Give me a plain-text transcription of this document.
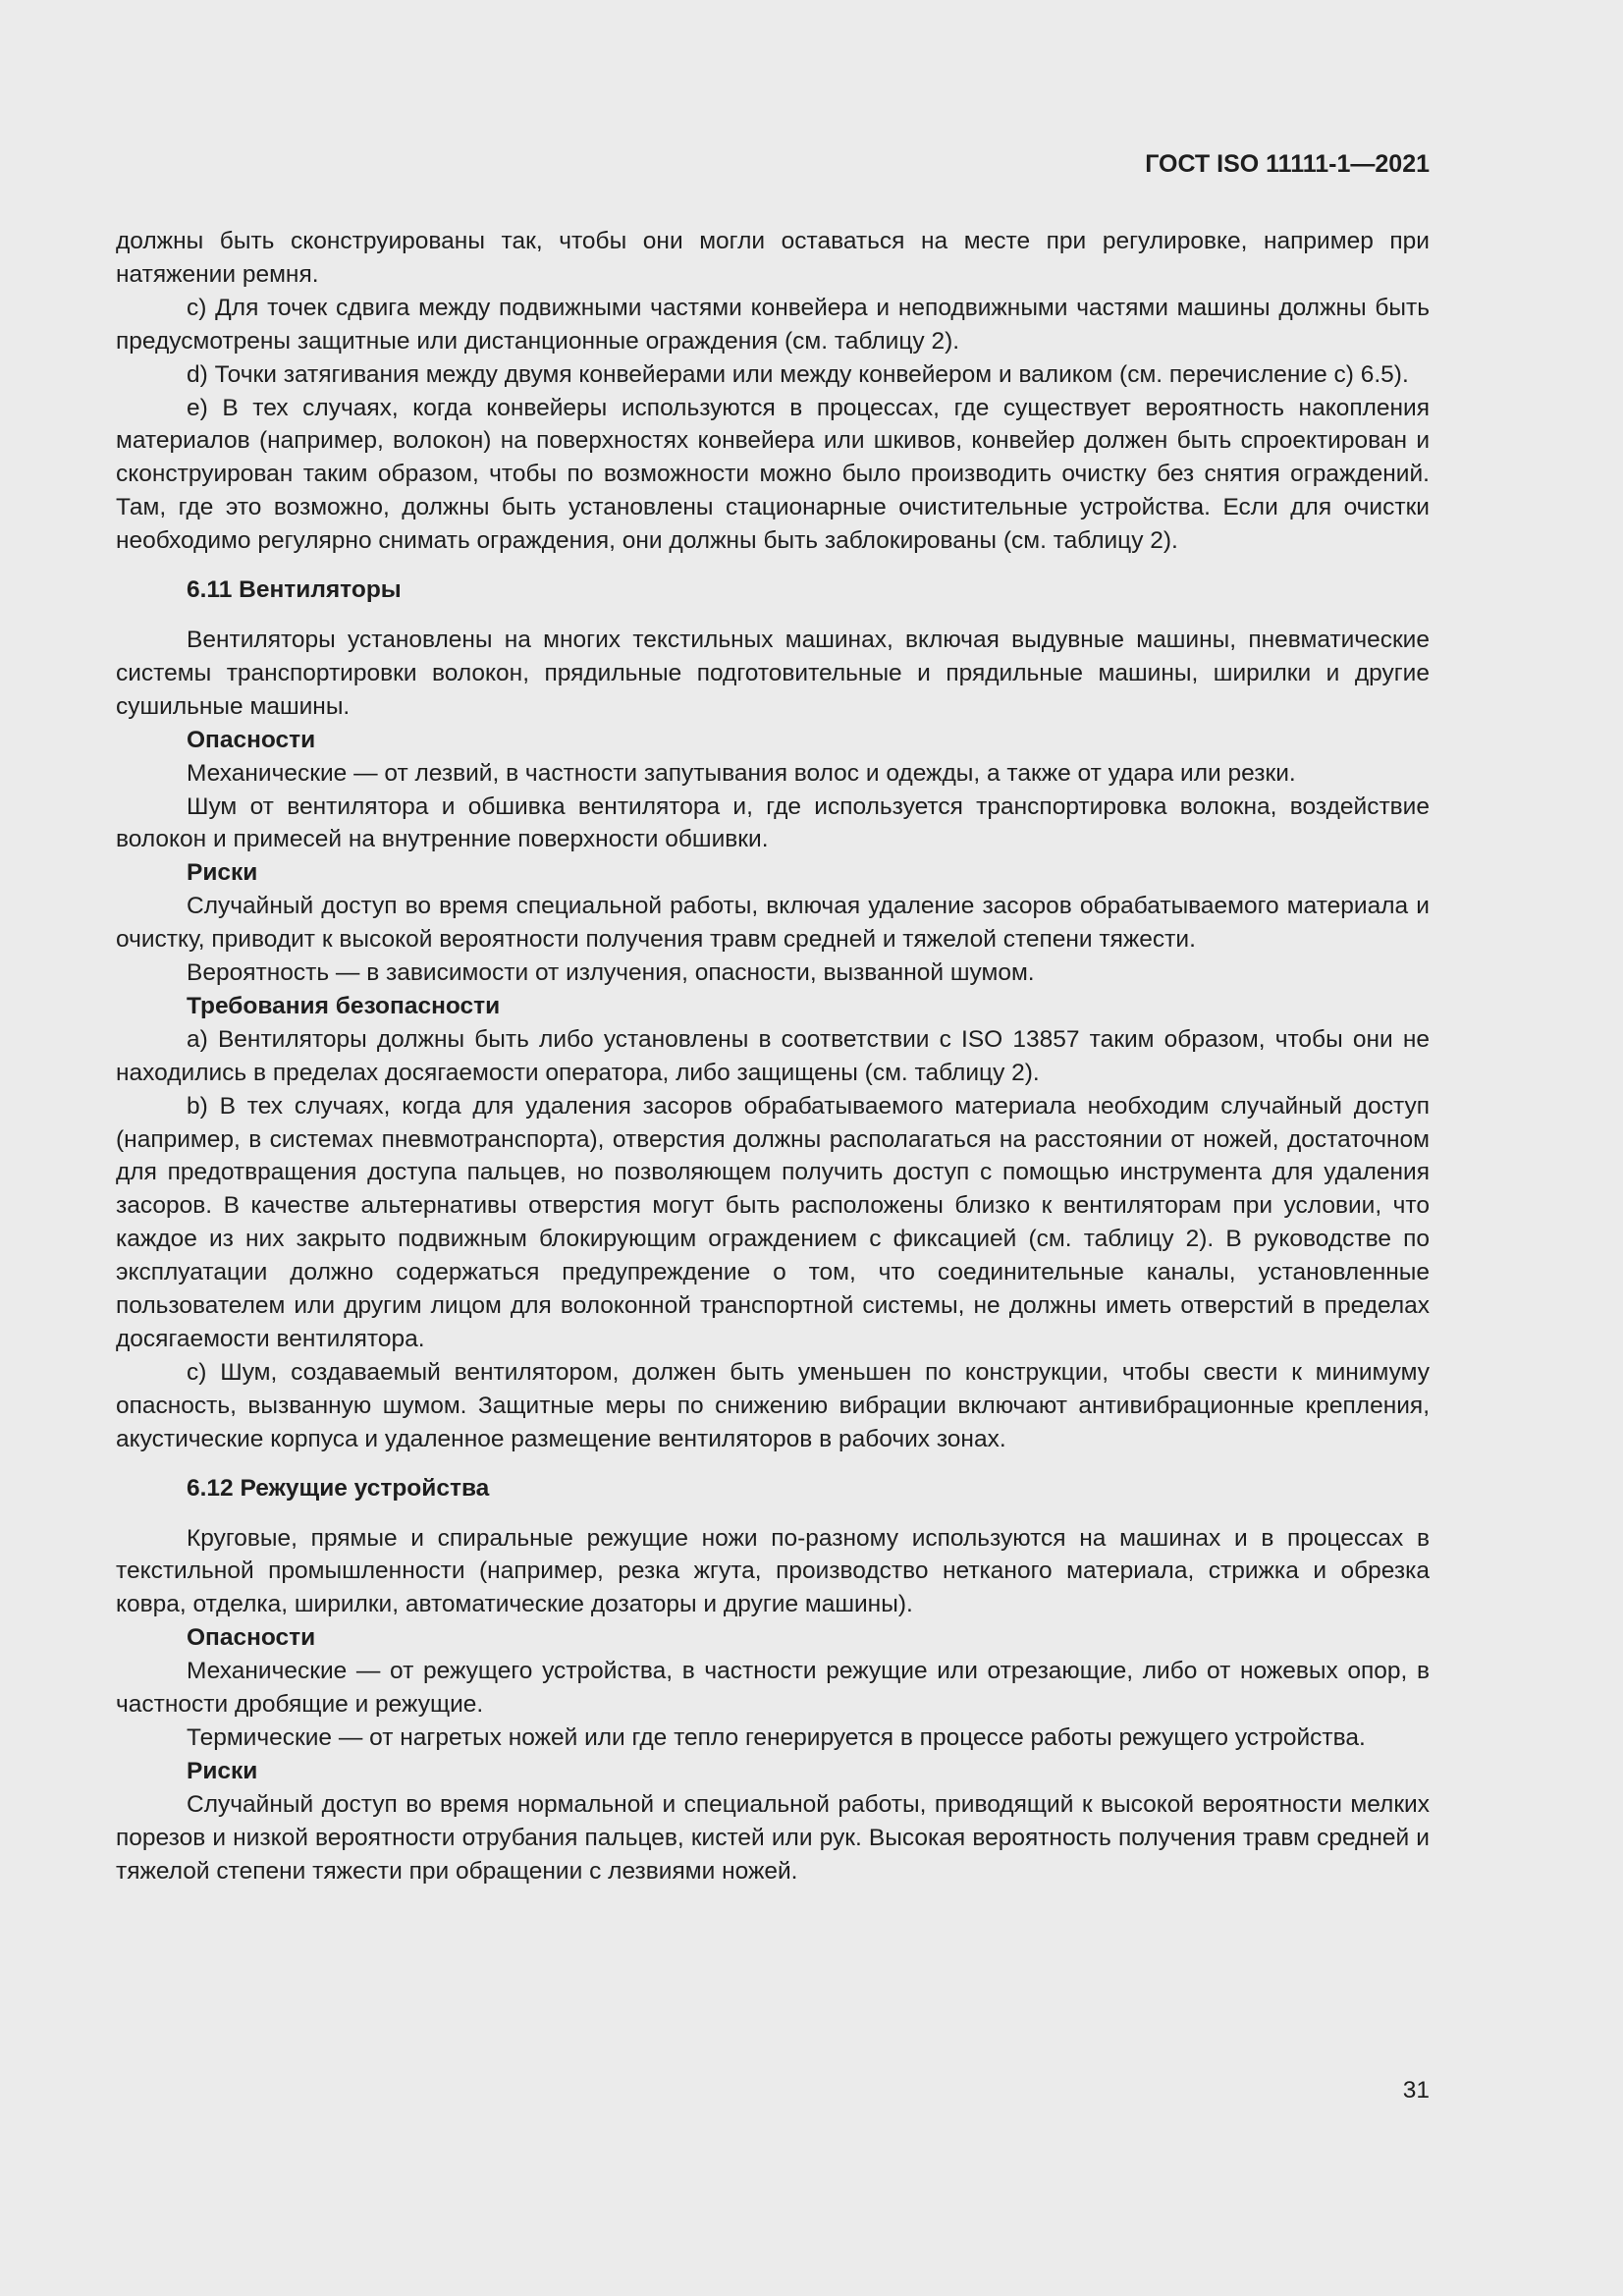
ГОСТ ISO 11111-1—2021

должны быть сконструированы так, чтобы они могли оставаться на месте при регулировке, например при натяжении ремня.

с) Для точек сдвига между подвижными частями конвейера и неподвижными частями машины должны быть предусмотрены защитные или дистанционные ограждения (см. таблицу 2).

d) Точки затягивания между двумя конвейерами или между конвейером и валиком (см. перечисление с) 6.5).

е) В тех случаях, когда конвейеры используются в процессах, где существует вероятность накопления материалов (например, волокон) на поверхностях конвейера или шкивов, конвейер должен быть спроектирован и сконструирован таким образом, чтобы по возможности можно было производить очистку без снятия ограждений. Там, где это возможно, должны быть установлены стационарные очистительные устройства. Если для очистки необходимо регулярно снимать ограждения, они должны быть заблокированы (см. таблицу 2).

6.11 Вентиляторы

Вентиляторы установлены на многих текстильных машинах, включая выдувные машины, пневматические системы транспортировки волокон, прядильные подготовительные и прядильные машины, ширилки и другие сушильные машины.

Опасности

Механические — от лезвий, в частности запутывания волос и одежды, а также от удара или резки.

Шум от вентилятора и обшивка вентилятора и, где используется транспортировка волокна, воздействие волокон и примесей на внутренние поверхности обшивки.

Риски

Случайный доступ во время специальной работы, включая удаление засоров обрабатываемого материала и очистку, приводит к высокой вероятности получения травм средней и тяжелой степени тяжести.

Вероятность — в зависимости от излучения, опасности, вызванной шумом.

Требования безопасности

a) Вентиляторы должны быть либо установлены в соответствии с ISO 13857 таким образом, чтобы они не находились в пределах досягаемости оператора, либо защищены (см. таблицу 2).

b) В тех случаях, когда для удаления засоров обрабатываемого материала необходим случайный доступ (например, в системах пневмотранспорта), отверстия должны располагаться на расстоянии от ножей, достаточном для предотвращения доступа пальцев, но позволяющем получить доступ с помощью инструмента для удаления засоров. В качестве альтернативы отверстия могут быть расположены близко к вентиляторам при условии, что каждое из них закрыто подвижным блокирующим ограждением с фиксацией (см. таблицу 2). В руководстве по эксплуатации должно содержаться предупреждение о том, что соединительные каналы, установленные пользователем или другим лицом для волоконной транспортной системы, не должны иметь отверстий в пределах досягаемости вентилятора.

c) Шум, создаваемый вентилятором, должен быть уменьшен по конструкции, чтобы свести к минимуму опасность, вызванную шумом. Защитные меры по снижению вибрации включают антивибрационные крепления, акустические корпуса и удаленное размещение вентиляторов в рабочих зонах.

6.12 Режущие устройства

Круговые, прямые и спиральные режущие ножи по-разному используются на машинах и в процессах в текстильной промышленности (например, резка жгута, производство нетканого материала, стрижка и обрезка ковра, отделка, ширилки, автоматические дозаторы и другие машины).

Опасности

Механические — от режущего устройства, в частности режущие или отрезающие, либо от ножевых опор, в частности дробящие и режущие.

Термические — от нагретых ножей или где тепло генерируется в процессе работы режущего устройства.

Риски

Случайный доступ во время нормальной и специальной работы, приводящий к высокой вероятности мелких порезов и низкой вероятности отрубания пальцев, кистей или рук. Высокая вероятность получения травм средней и тяжелой степени тяжести при обращении с лезвиями ножей.

31
